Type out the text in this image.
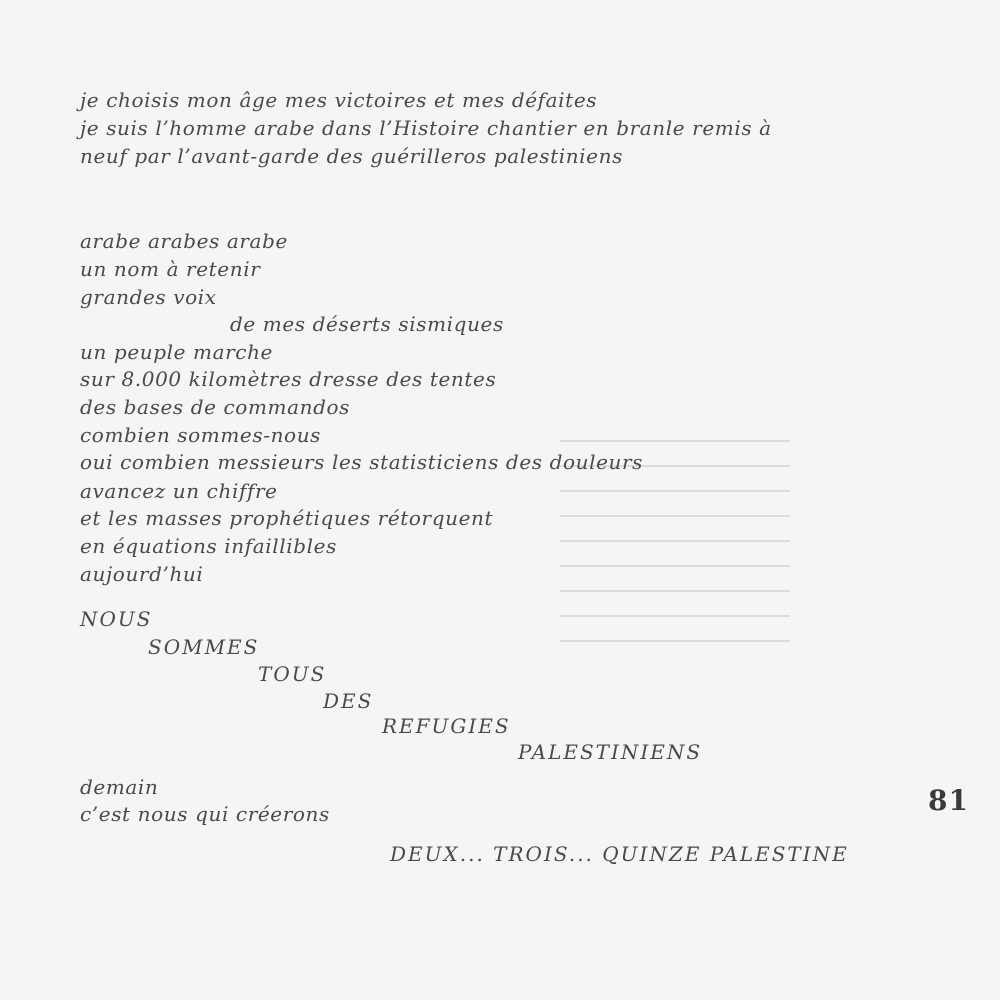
je choisis mon âge mes victoires et mes défaites
je suis l’homme arabe dans l’Histoire chantier en branle remis à
neuf par l’avant-garde des guérilleros palestiniens
arabe arabes arabe
un nom à retenir
grandes voix
de mes déserts sismiques
un peuple marche
sur 8.000 kilomètres dresse des tentes
des bases de commandos
combien sommes-nous
oui combien messieurs les statisticiens des douleurs
avancez un chiffre
et les masses prophétiques rétorquent
en équations infaillibles
aujourd’hui
NOUS
SOMMES
TOUS
DES
REFUGIES
PALESTINIENS
demain
c’est nous qui créerons
DEUX... TROIS... QUINZE PALESTINE
81
